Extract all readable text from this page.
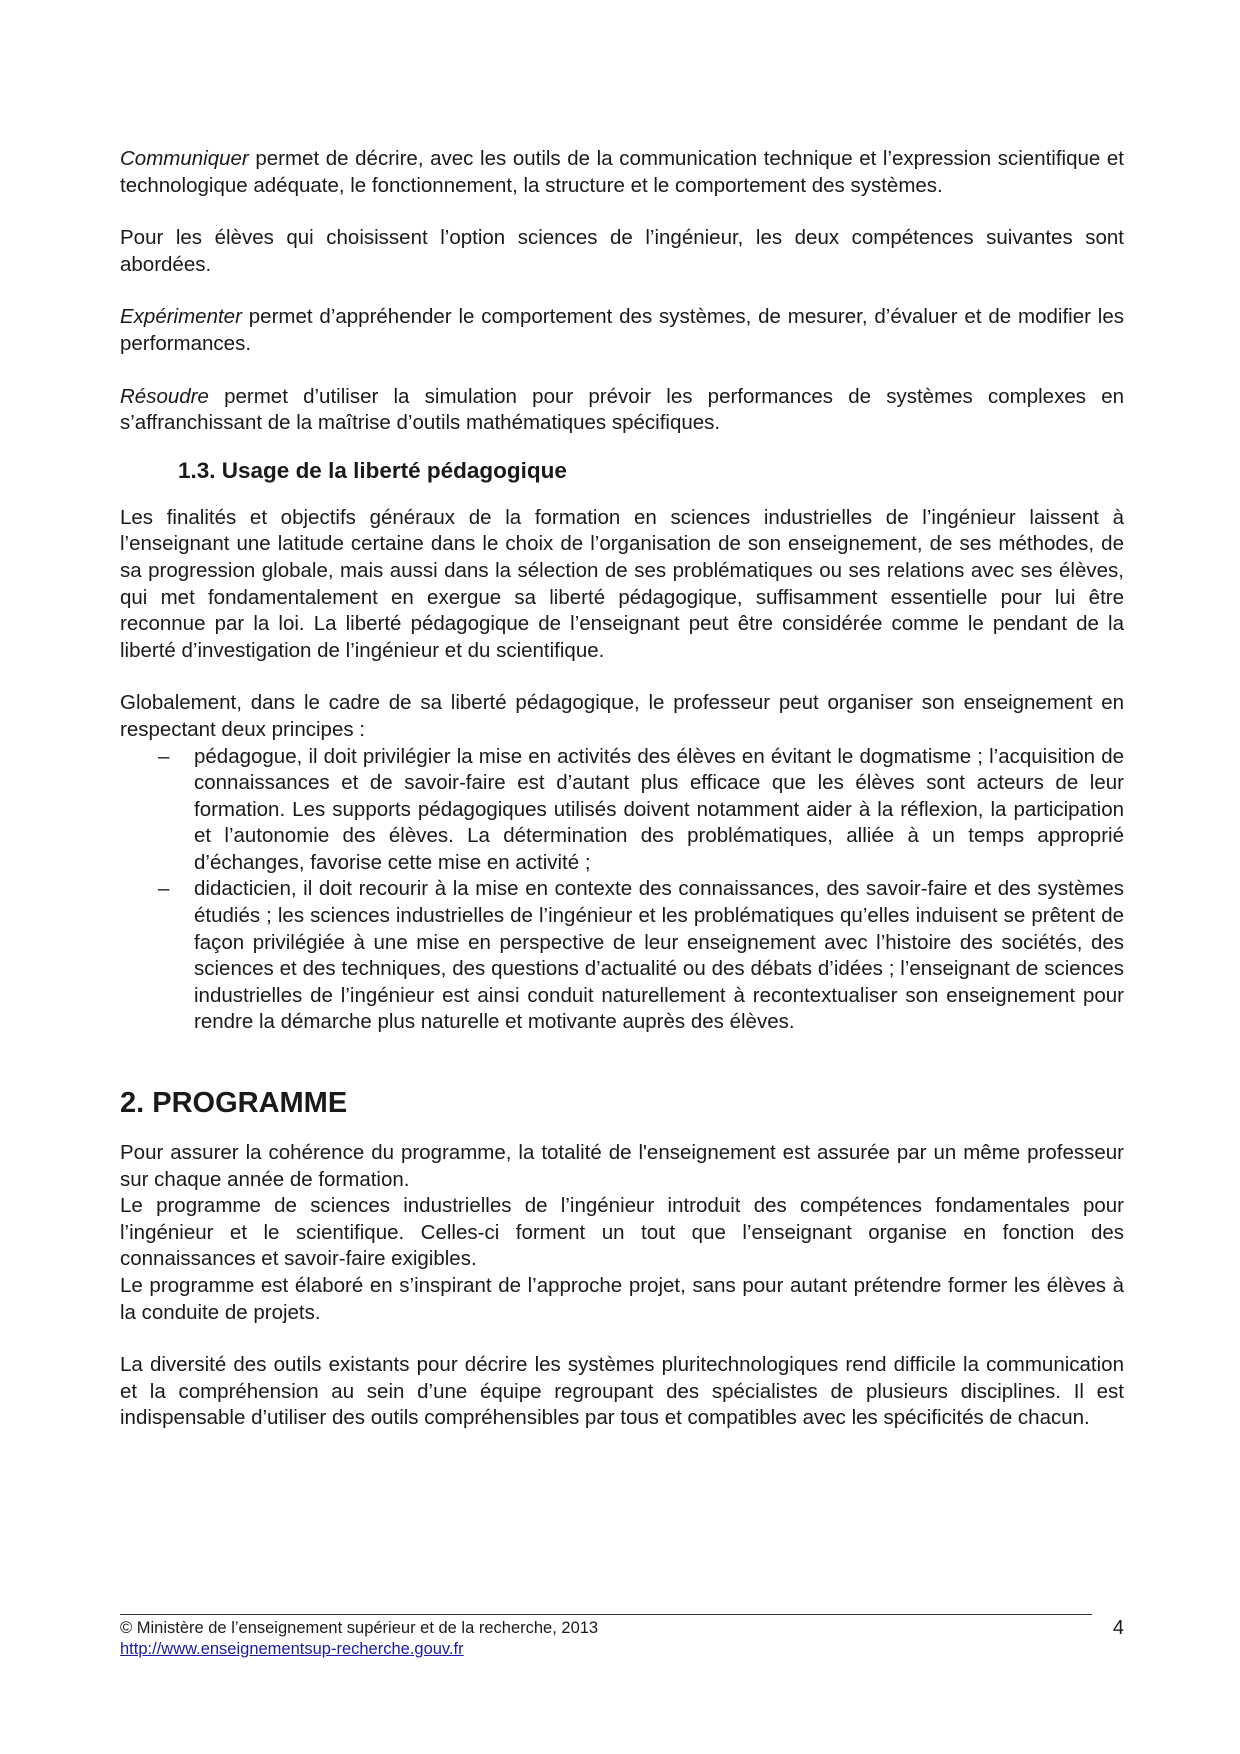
Communiquer permet de décrire, avec les outils de la communication technique et l’expression scientifique et technologique adéquate, le fonctionnement, la structure et le comportement des systèmes.

Pour les élèves qui choisissent l’option sciences de l’ingénieur, les deux compétences suivantes sont abordées.

Expérimenter permet d’appréhender le comportement des systèmes, de mesurer, d’évaluer et de modifier les performances.

Résoudre permet d’utiliser la simulation pour prévoir les performances de systèmes complexes en s’affranchissant de la maîtrise d’outils mathématiques spécifiques.

1.3. Usage de la liberté pédagogique

Les finalités et objectifs généraux de la formation en sciences industrielles de l’ingénieur laissent à l’enseignant une latitude certaine dans le choix de l’organisation de son enseignement, de ses méthodes, de sa progression globale, mais aussi dans la sélection de ses problématiques ou ses relations avec ses élèves, qui met fondamentalement en exergue sa liberté pédagogique, suffisamment essentielle pour lui être reconnue par la loi. La liberté pédagogique de l’enseignant peut être considérée comme le pendant de la liberté d’investigation de l’ingénieur et du scientifique.

Globalement, dans le cadre de sa liberté pédagogique, le professeur peut organiser son enseignement en respectant deux principes :

– pédagogue, il doit privilégier la mise en activités des élèves en évitant le dogmatisme ; l’acquisition de connaissances et de savoir-faire est d’autant plus efficace que les élèves sont acteurs de leur formation. Les supports pédagogiques utilisés doivent notamment aider à la réflexion, la participation et l’autonomie des élèves. La détermination des problématiques, alliée à un temps approprié d’échanges, favorise cette mise en activité ;
– didacticien, il doit recourir à la mise en contexte des connaissances, des savoir-faire et des systèmes étudiés ; les sciences industrielles de l’ingénieur et les problématiques qu’elles induisent se prêtent de façon privilégiée à une mise en perspective de leur enseignement avec l’histoire des sociétés, des sciences et des techniques, des questions d’actualité ou des débats d’idées ; l’enseignant de sciences industrielles de l’ingénieur est ainsi conduit naturellement à recontextualiser son enseignement pour rendre la démarche plus naturelle et motivante auprès des élèves.
2. PROGRAMME

Pour assurer la cohérence du programme, la totalité de l'enseignement est assurée par un même professeur sur chaque année de formation.

Le programme de sciences industrielles de l’ingénieur introduit des compétences fondamentales pour l’ingénieur et le scientifique. Celles-ci forment un tout que l’enseignant organise en fonction des connaissances et savoir-faire exigibles.

Le programme est élaboré en s’inspirant de l’approche projet, sans pour autant prétendre former les élèves à la conduite de projets.

La diversité des outils existants pour décrire les systèmes pluritechnologiques rend difficile la communication et la compréhension au sein d’une équipe regroupant des spécialistes de plusieurs disciplines. Il est indispensable d’utiliser des outils compréhensibles par tous et compatibles avec les spécificités de chacun.

© Ministère de l’enseignement supérieur et de la recherche, 2013
http://www.enseignementsup-recherche.gouv.fr
4
